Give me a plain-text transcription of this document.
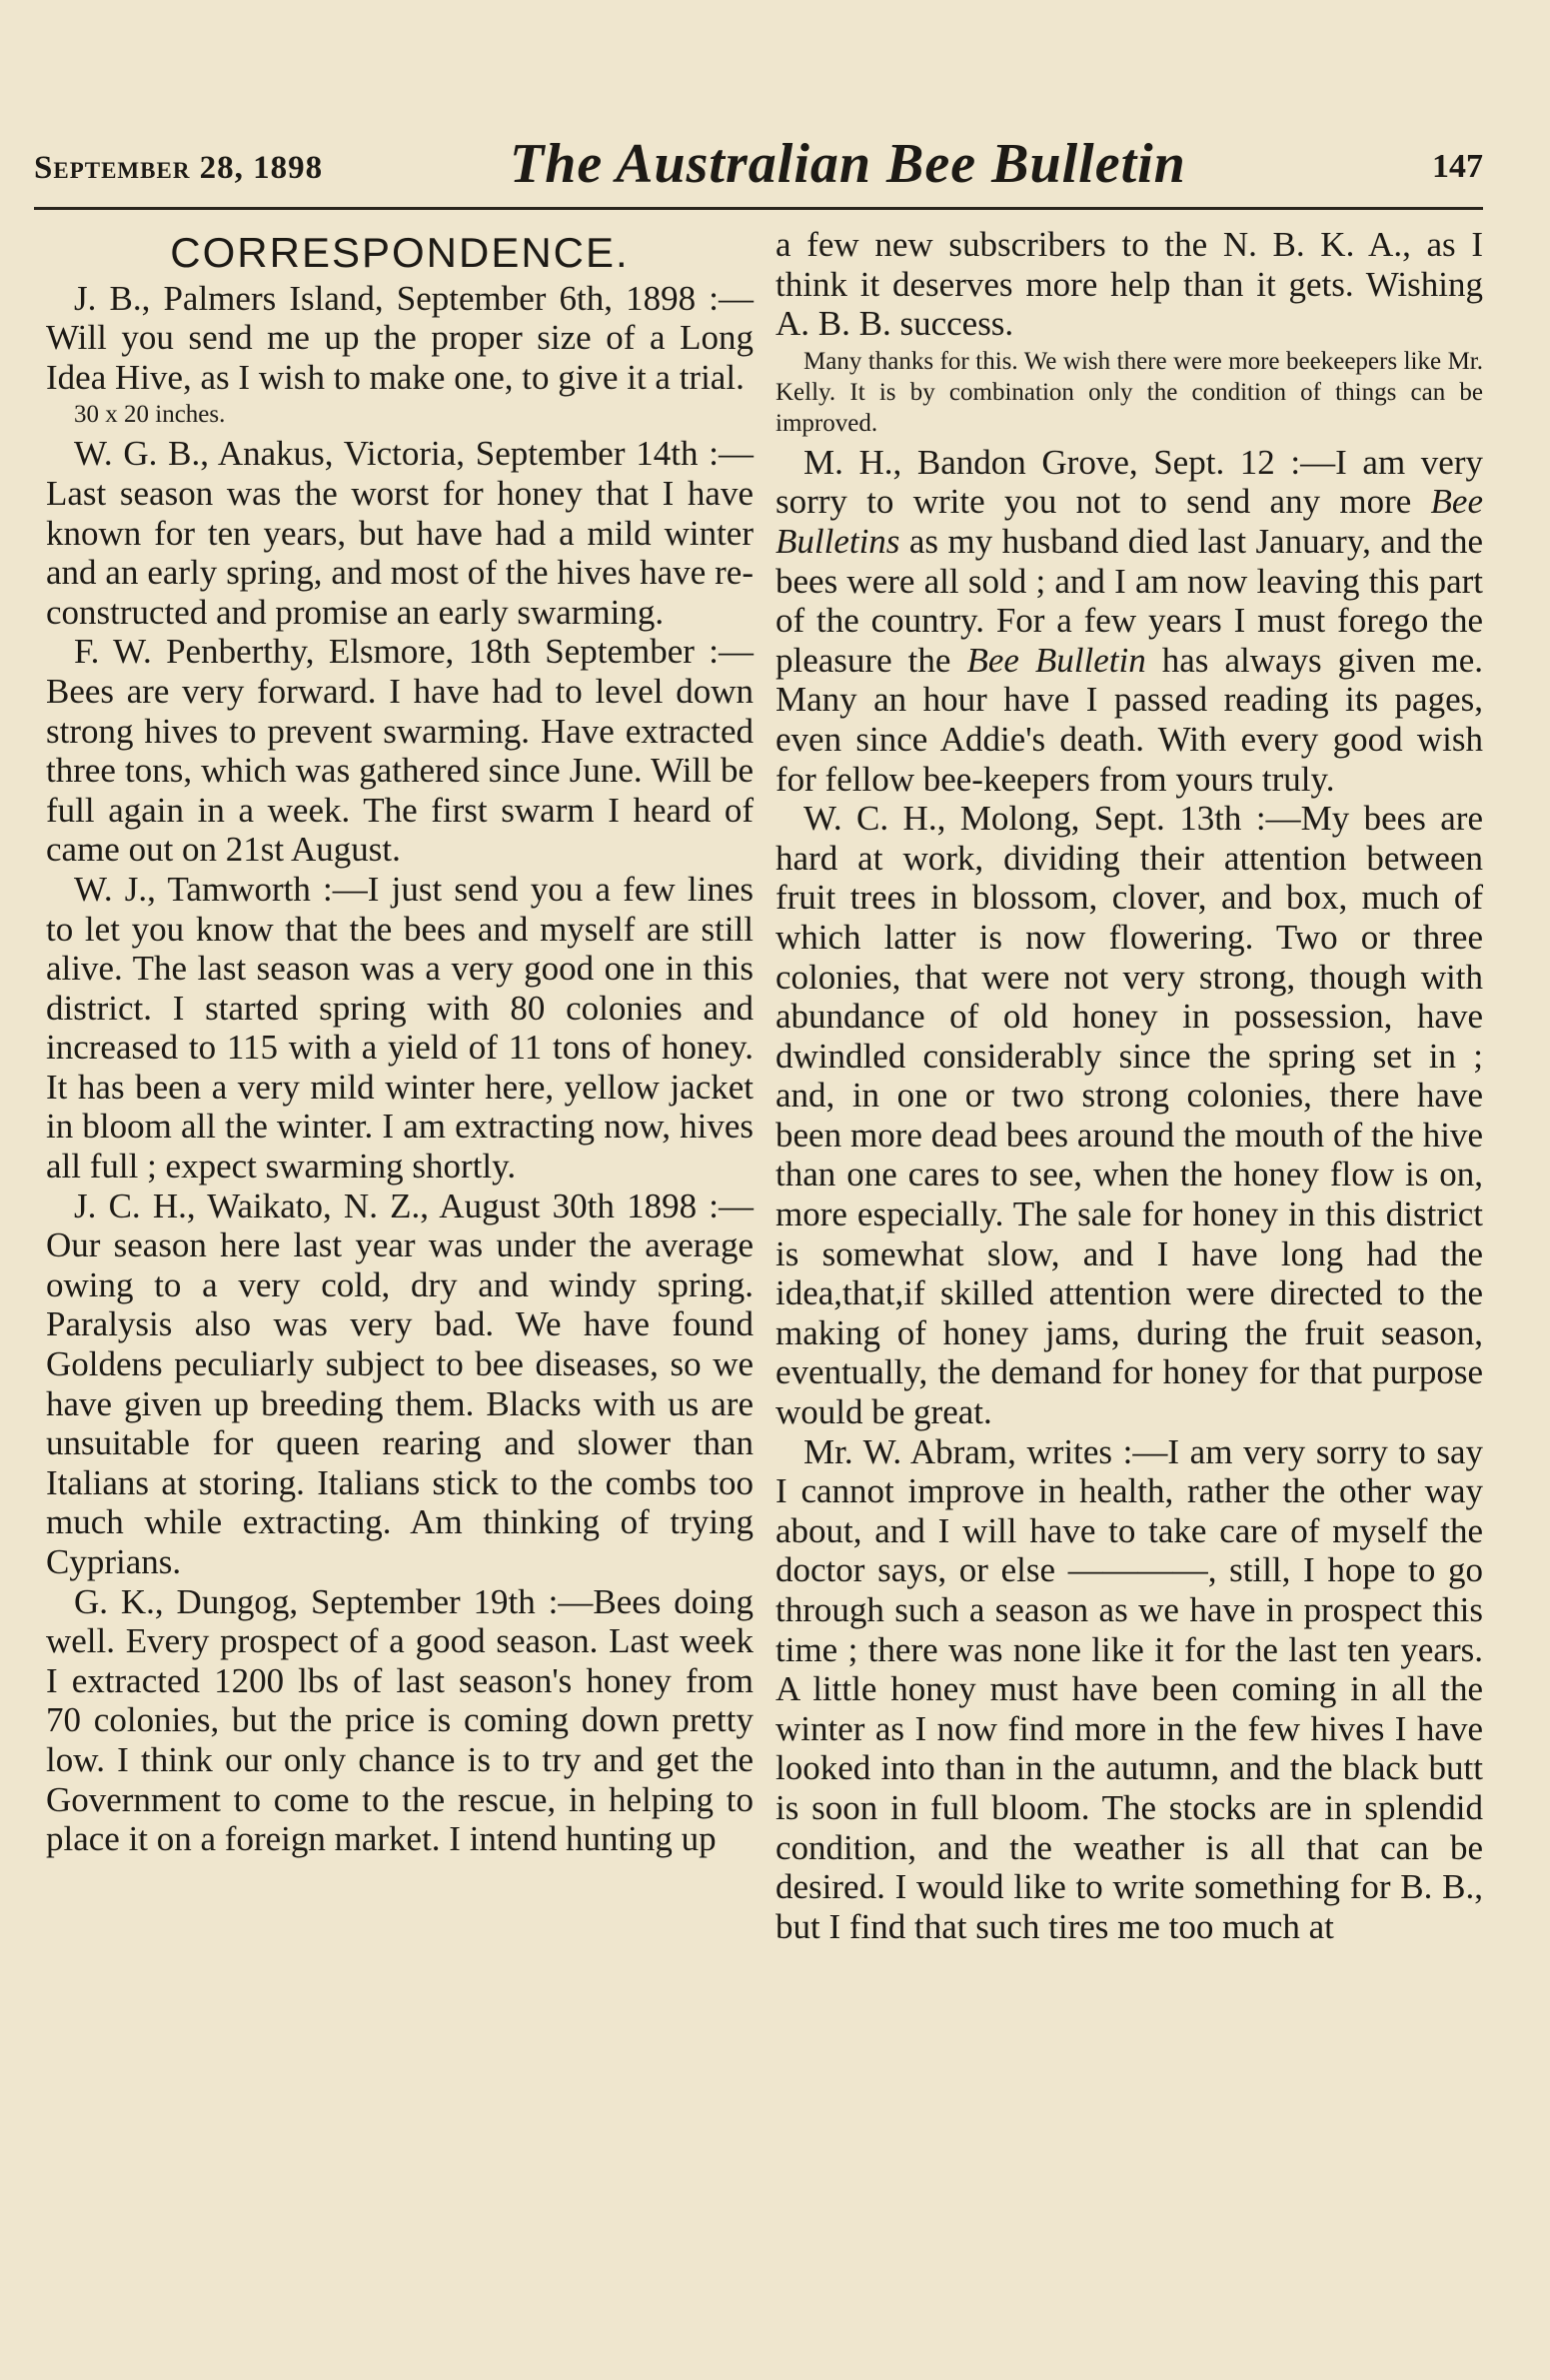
September 28, 1898	The Australian Bee Bulletin	147
CORRESPONDENCE.

J. B., Palmers Island, September 6th, 1898 :—Will you send me up the proper size of a Long Idea Hive, as I wish to make one, to give it a trial.

30 x 20 inches.

W. G. B., Anakus, Victoria, September 14th :—Last season was the worst for honey that I have known for ten years, but have had a mild winter and an early spring, and most of the hives have re-constructed and promise an early swarming.

F. W. Penberthy, Elsmore, 18th September :—Bees are very forward. I have had to level down strong hives to prevent swarming. Have extracted three tons, which was gathered since June. Will be full again in a week. The first swarm I heard of came out on 21st August.

W. J., Tamworth :—I just send you a few lines to let you know that the bees and myself are still alive. The last season was a very good one in this district. I started spring with 80 colonies and increased to 115 with a yield of 11 tons of honey. It has been a very mild winter here, yellow jacket in bloom all the winter. I am extracting now, hives all full ; expect swarming shortly.

J. C. H., Waikato, N. Z., August 30th 1898 :—Our season here last year was under the average owing to a very cold, dry and windy spring. Paralysis also was very bad. We have found Goldens peculiarly subject to bee diseases, so we have given up breeding them. Blacks with us are unsuitable for queen rearing and slower than Italians at storing. Italians stick to the combs too much while extracting. Am thinking of trying Cyprians.

G. K., Dungog, September 19th :—Bees doing well. Every prospect of a good season. Last week I extracted 1200 lbs of last season's honey from 70 colonies, but the price is coming down pretty low. I think our only chance is to try and get the Government to come to the rescue, in helping to place it on a foreign market. I intend hunting up

a few new subscribers to the N. B. K. A., as I think it deserves more help than it gets. Wishing A. B. B. success.

Many thanks for this. We wish there were more beekeepers like Mr. Kelly. It is by combination only the condition of things can be improved.

M. H., Bandon Grove, Sept. 12 :—I am very sorry to write you not to send any more Bee Bulletins as my husband died last January, and the bees were all sold ; and I am now leaving this part of the country. For a few years I must forego the pleasure the Bee Bulletin has always given me. Many an hour have I passed reading its pages, even since Addie's death. With every good wish for fellow bee-keepers from yours truly.

W. C. H., Molong, Sept. 13th :—My bees are hard at work, dividing their attention between fruit trees in blossom, clover, and box, much of which latter is now flowering. Two or three colonies, that were not very strong, though with abundance of old honey in possession, have dwindled considerably since the spring set in ; and, in one or two strong colonies, there have been more dead bees around the mouth of the hive than one cares to see, when the honey flow is on, more especially. The sale for honey in this district is somewhat slow, and I have long had the idea,that,if skilled attention were directed to the making of honey jams, during the fruit season, eventually, the demand for honey for that purpose would be great.

Mr. W. Abram, writes :—I am very sorry to say I cannot improve in health, rather the other way about, and I will have to take care of myself the doctor says, or else ————, still, I hope to go through such a season as we have in prospect this time ; there was none like it for the last ten years. A little honey must have been coming in all the winter as I now find more in the few hives I have looked into than in the autumn, and the black butt is soon in full bloom. The stocks are in splendid condition, and the weather is all that can be desired. I would like to write something for B. B., but I find that such tires me too much at
